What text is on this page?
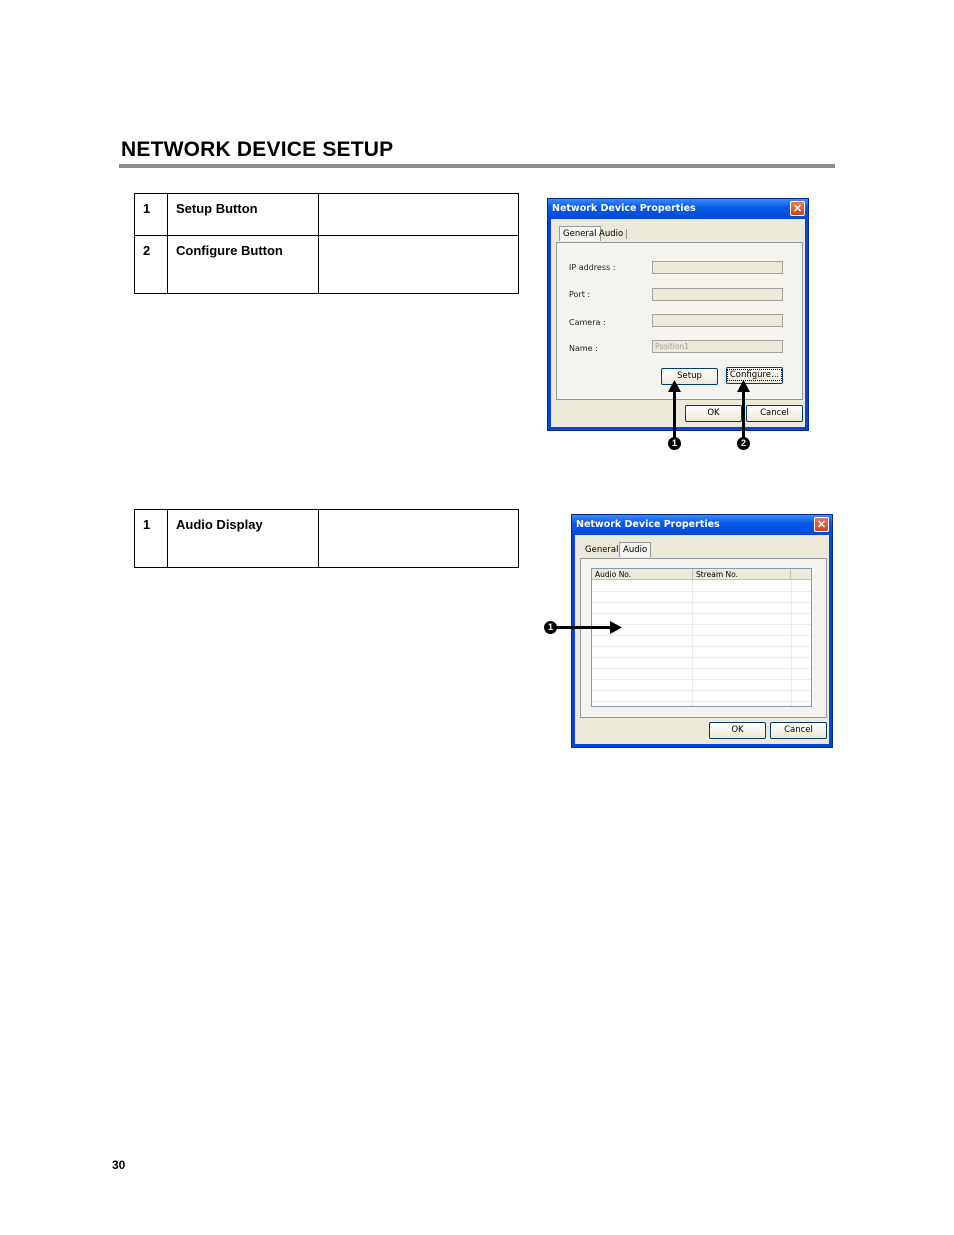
NETWORK DEVICE SETUP
1	Setup Button	
2	Configure Button	
1	Audio Display	
Network Device Properties	✕
General Audio
IP address :
Port :
Camera :
Name :	Position1
Setup	Configure...
OK	Cancel
1	2
Network Device Properties	✕
General Audio
Audio No.	Stream No.
OK	Cancel
1
30
